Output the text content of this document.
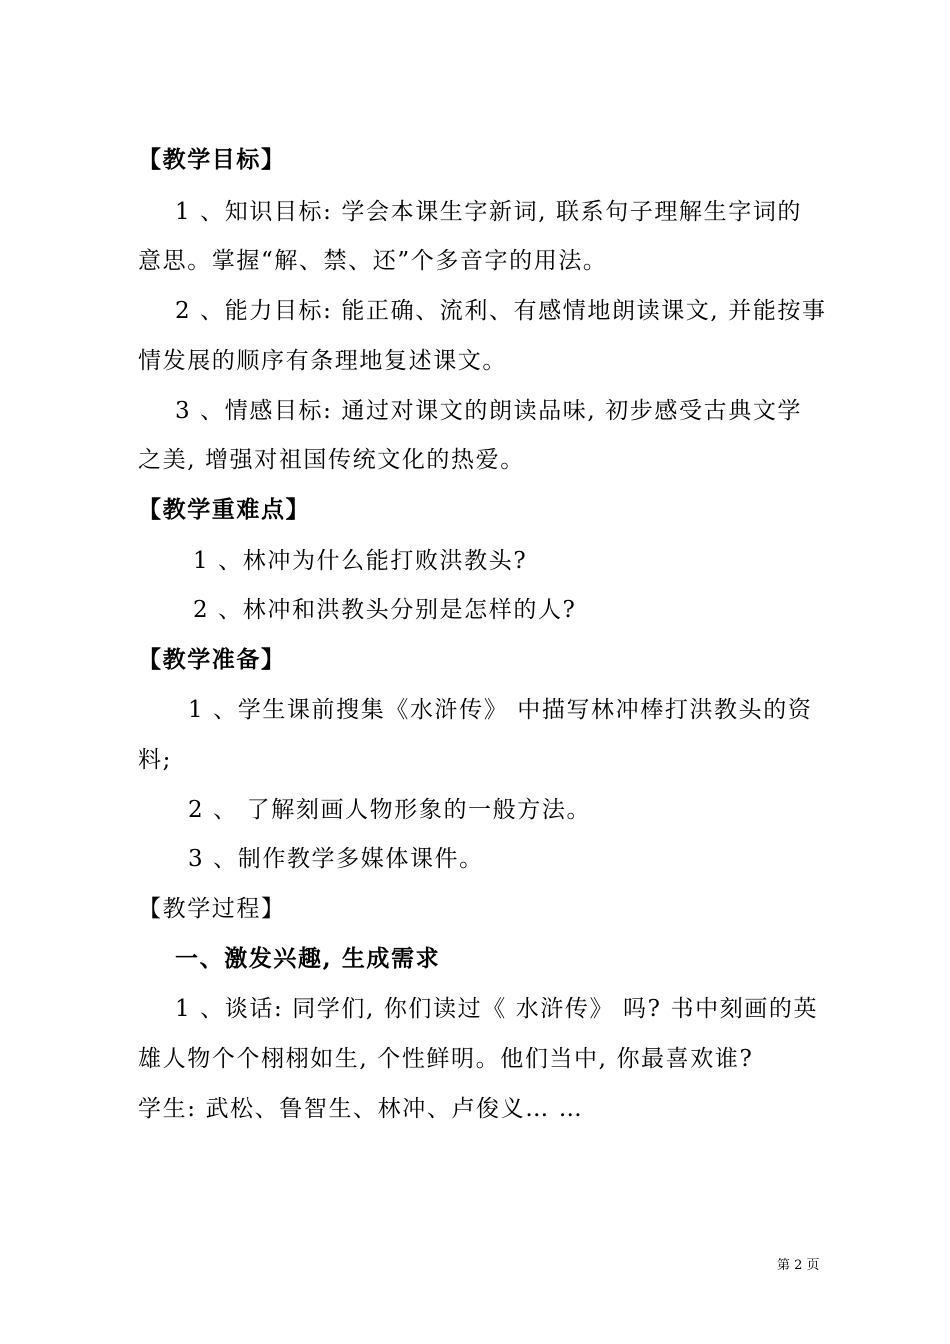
【教学目标】
1 、知识目标: 学会本课生字新词, 联系句子理解生字词的
意思。掌握“解、禁、还”个多音字的用法。
2 、能力目标: 能正确、流利、有感情地朗读课文, 并能按事
情发展的顺序有条理地复述课文。
3 、情感目标: 通过对课文的朗读品味, 初步感受古典文学
之美, 增强对祖国传统文化的热爱。
【教学重难点】
1 、林冲为什么能打败洪教头?
2 、林冲和洪教头分别是怎样的人?
【教学准备】
1 、学生课前搜集《水浒传》 中描写林冲棒打洪教头的资
料;
2 、 了解刻画人物形象的一般方法。
3 、制作教学多媒体课件。
【教学过程】
一、激发兴趣, 生成需求
1 、谈话: 同学们, 你们读过《 水浒传》 吗? 书中刻画的英
雄人物个个栩栩如生, 个性鲜明。他们当中, 你最喜欢谁?
学生: 武松、鲁智生、林冲、卢俊义… …
第 2 页
